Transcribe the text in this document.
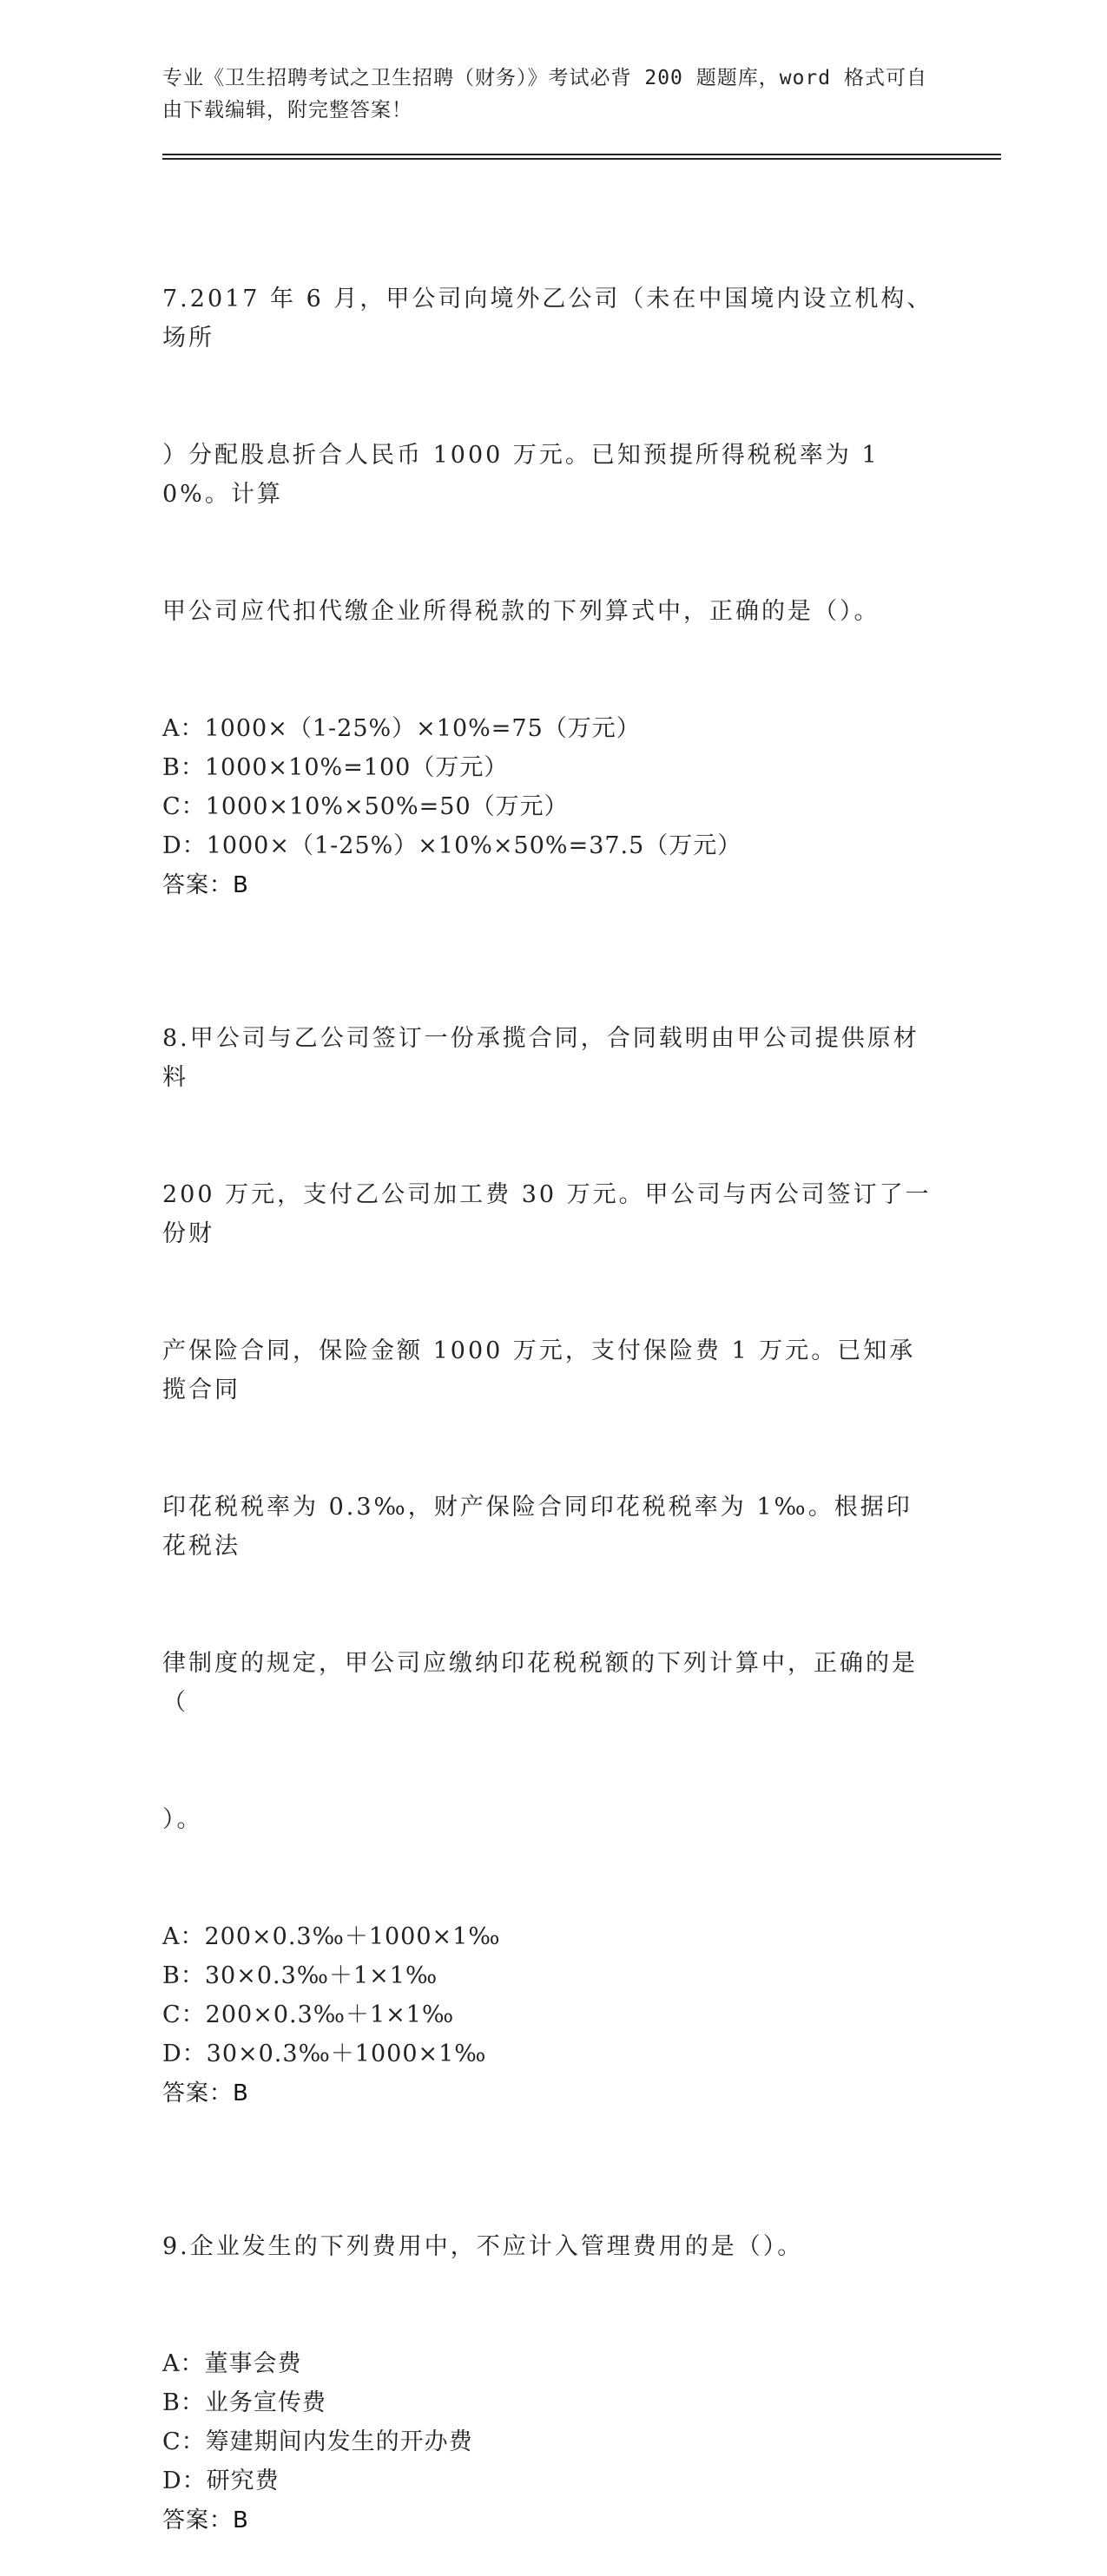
专业《卫生招聘考试之卫生招聘（财务）》考试必背 200 题题库，word 格式可自
由下载编辑，附完整答案！

7.2017 年 6 月，甲公司向境外乙公司（未在中国境内设立机构、场所

）分配股息折合人民币 1000 万元。已知预提所得税税率为 10%。计算

甲公司应代扣代缴企业所得税款的下列算式中，正确的是（）。

A：1000×（1-25%）×10%=75（万元）
B：1000×10%=100（万元）
C：1000×10%×50%=50（万元）
D：1000×（1-25%）×10%×50%=37.5（万元）
答案：B

8.甲公司与乙公司签订一份承揽合同，合同载明由甲公司提供原材料

200 万元，支付乙公司加工费 30 万元。甲公司与丙公司签订了一份财

产保险合同，保险金额 1000 万元，支付保险费 1 万元。已知承揽合同

印花税税率为 0.3‰，财产保险合同印花税税率为 1‰。根据印花税法

律制度的规定，甲公司应缴纳印花税税额的下列计算中，正确的是（

）。

A：200×0.3‰＋1000×1‰
B：30×0.3‰＋1×1‰
C：200×0.3‰＋1×1‰
D：30×0.3‰＋1000×1‰
答案：B

9.企业发生的下列费用中，不应计入管理费用的是（）。

A：董事会费
B：业务宣传费
C：筹建期间内发生的开办费
D：研究费
答案：B
